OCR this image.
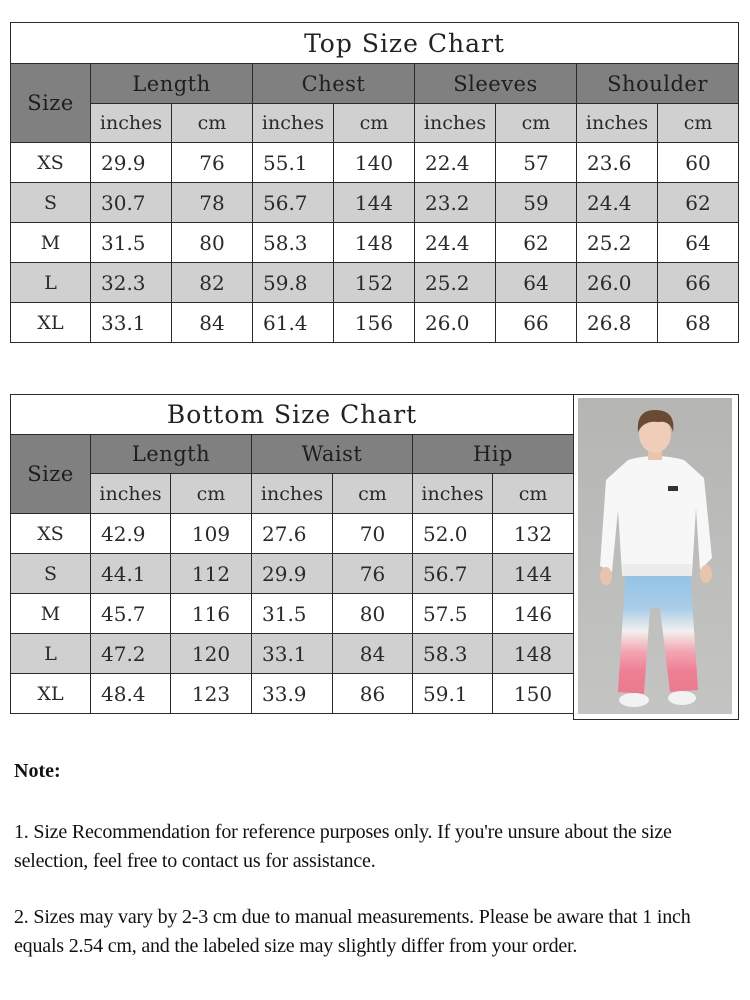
Top Size Chart								
Size	Length		Chest		Sleeves		Shoulder	
	inches	cm	inches	cm	inches	cm	inches	cm
XS	29.9	76	55.1	140	22.4	57	23.6	60
S	30.7	78	56.7	144	23.2	59	24.4	62
M	31.5	80	58.3	148	24.4	62	25.2	64
L	32.3	82	59.8	152	25.2	64	26.0	66
XL	33.1	84	61.4	156	26.0	66	26.8	68
Bottom Size Chart						
Size	Length		Waist		Hip	
	inches	cm	inches	cm	inches	cm
XS	42.9	109	27.6	70	52.0	132
S	44.1	112	29.9	76	56.7	144
M	45.7	116	31.5	80	57.5	146
L	47.2	120	33.1	84	58.3	148
XL	48.4	123	33.9	86	59.1	150

Note:

1. Size Recommendation for reference purposes only. If you're unsure about the size selection, feel free to contact us for assistance.

2. Sizes may vary by 2-3 cm due to manual measurements. Please be aware that 1 inch equals 2.54 cm, and the labeled size may slightly differ from your order.
